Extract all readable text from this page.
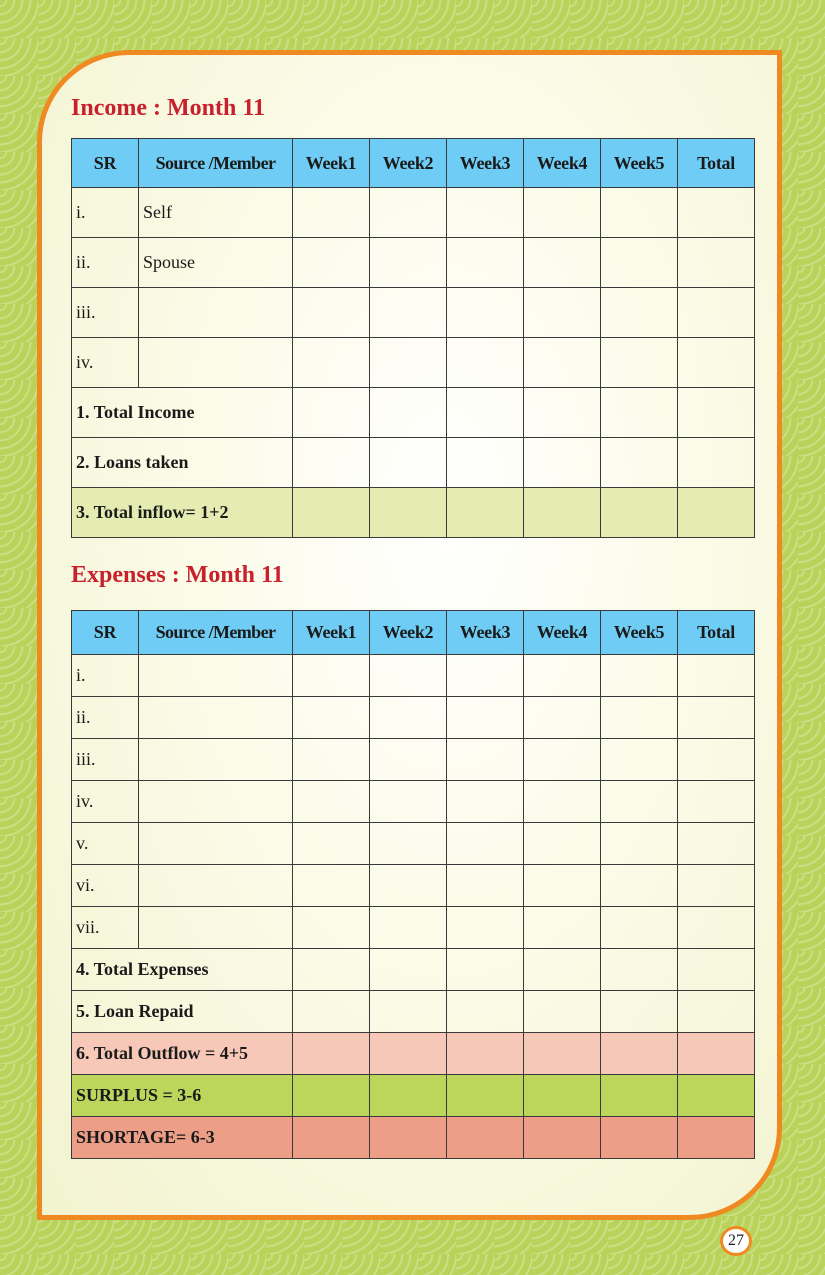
Income : Month 11
SR	Source /Member	Week1	Week2	Week3	Week4	Week5	Total
i.	Self						
ii.	Spouse						
iii.							
iv.							
1. Total Income							
2. Loans taken							
3. Total inflow= 1+2							
Expenses : Month 11
SR	Source /Member	Week1	Week2	Week3	Week4	Week5	Total
i.							
ii.							
iii.							
iv.							
v.							
vi.							
vii.							
4. Total Expenses							
5. Loan Repaid							
6. Total Outflow = 4+5							
SURPLUS = 3-6							
SHORTAGE= 6-3							
27
